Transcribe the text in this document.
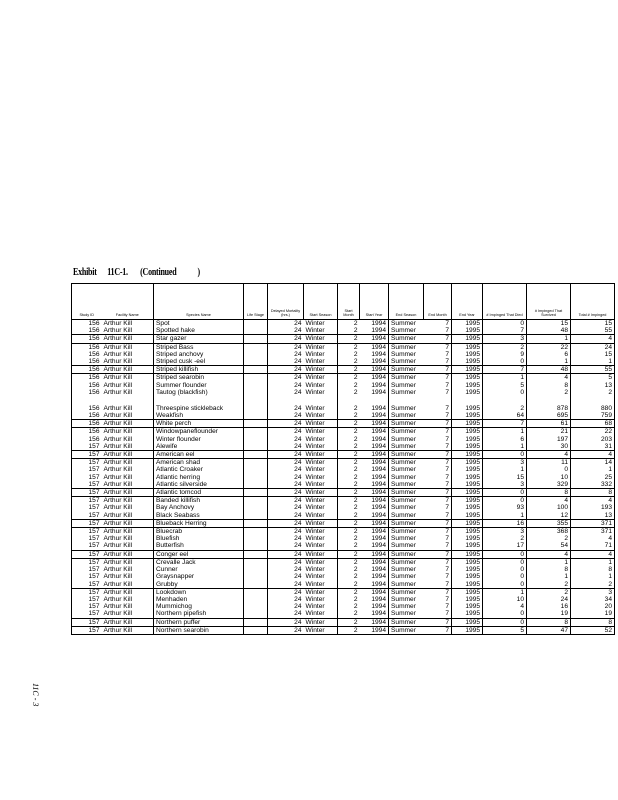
Exhibit 11C-1. (Continued )
11C - 3
Study ID	Facility Name	Species Name	Life Stage	Delayed Mortality (hrs.)	Start Season	Start Month	Start Year	End Season	End Month	End Year	# Impinged That Died	# Impinged That Survived	Total # Impinged
156	Arthur Kill	Spot		24	Winter	2	1994	Summer	7	1995	0	15	15
156	Arthur Kill	Spotted hake		24	Winter	2	1994	Summer	7	1995	7	48	55
156	Arthur Kill	Star gazer		24	Winter	2	1994	Summer	7	1995	3	1	4
156	Arthur Kill	Striped Bass		24	Winter	2	1994	Summer	7	1995	2	22	24
156	Arthur Kill	Striped anchovy		24	Winter	2	1994	Summer	7	1995	9	6	15
156	Arthur Kill	Striped cusk -eel		24	Winter	2	1994	Summer	7	1995	0	1	1
156	Arthur Kill	Striped killifish		24	Winter	2	1994	Summer	7	1995	7	48	55
156	Arthur Kill	Striped searobin		24	Winter	2	1994	Summer	7	1995	1	4	5
156	Arthur Kill	Summer flounder		24	Winter	2	1994	Summer	7	1995	5	8	13
156	Arthur Kill	Tautog (blackfish)		24	Winter	2	1994	Summer	7	1995	0	2	2
156	Arthur Kill	Threespine stickleback		24	Winter	2	1994	Summer	7	1995	2	878	880
156	Arthur Kill	Weakfish		24	Winter	2	1994	Summer	7	1995	64	695	759
156	Arthur Kill	White perch		24	Winter	2	1994	Summer	7	1995	7	61	68
156	Arthur Kill	Windowpaneflounder		24	Winter	2	1994	Summer	7	1995	1	21	22
156	Arthur Kill	Winter flounder		24	Winter	2	1994	Summer	7	1995	6	197	203
157	Arthur Kill	Alewife		24	Winter	2	1994	Summer	7	1995	1	30	31
157	Arthur Kill	American eel		24	Winter	2	1994	Summer	7	1995	0	4	4
157	Arthur Kill	American shad		24	Winter	2	1994	Summer	7	1995	3	11	14
157	Arthur Kill	Atlantic Croaker		24	Winter	2	1994	Summer	7	1995	1	0	1
157	Arthur Kill	Atlantic herring		24	Winter	2	1994	Summer	7	1995	15	10	25
157	Arthur Kill	Atlantic silverside		24	Winter	2	1994	Summer	7	1995	3	329	332
157	Arthur Kill	Atlantic tomcod		24	Winter	2	1994	Summer	7	1995	0	8	8
157	Arthur Kill	Banded killifish		24	Winter	2	1994	Summer	7	1995	0	4	4
157	Arthur Kill	Bay Anchovy		24	Winter	2	1994	Summer	7	1995	93	100	193
157	Arthur Kill	Black Seabass		24	Winter	2	1994	Summer	7	1995	1	12	13
157	Arthur Kill	Blueback Herring		24	Winter	2	1994	Summer	7	1995	16	355	371
157	Arthur Kill	Bluecrab		24	Winter	2	1994	Summer	7	1995	3	368	371
157	Arthur Kill	Bluefish		24	Winter	2	1994	Summer	7	1995	2	2	4
157	Arthur Kill	Butterfish		24	Winter	2	1994	Summer	7	1995	17	54	71
157	Arthur Kill	Conger eel		24	Winter	2	1994	Summer	7	1995	0	4	4
157	Arthur Kill	Crevalle Jack		24	Winter	2	1994	Summer	7	1995	0	1	1
157	Arthur Kill	Cunner		24	Winter	2	1994	Summer	7	1995	0	8	8
157	Arthur Kill	Graysnapper		24	Winter	2	1994	Summer	7	1995	0	1	1
157	Arthur Kill	Grubby		24	Winter	2	1994	Summer	7	1995	0	2	2
157	Arthur Kill	Lookdown		24	Winter	2	1994	Summer	7	1995	1	2	3
157	Arthur Kill	Menhaden		24	Winter	2	1994	Summer	7	1995	10	24	34
157	Arthur Kill	Mummichog		24	Winter	2	1994	Summer	7	1995	4	16	20
157	Arthur Kill	Northern pipefish		24	Winter	2	1994	Summer	7	1995	0	19	19
157	Arthur Kill	Northern puffer		24	Winter	2	1994	Summer	7	1995	0	8	8
157	Arthur Kill	Northern searobin		24	Winter	2	1994	Summer	7	1995	5	47	52
